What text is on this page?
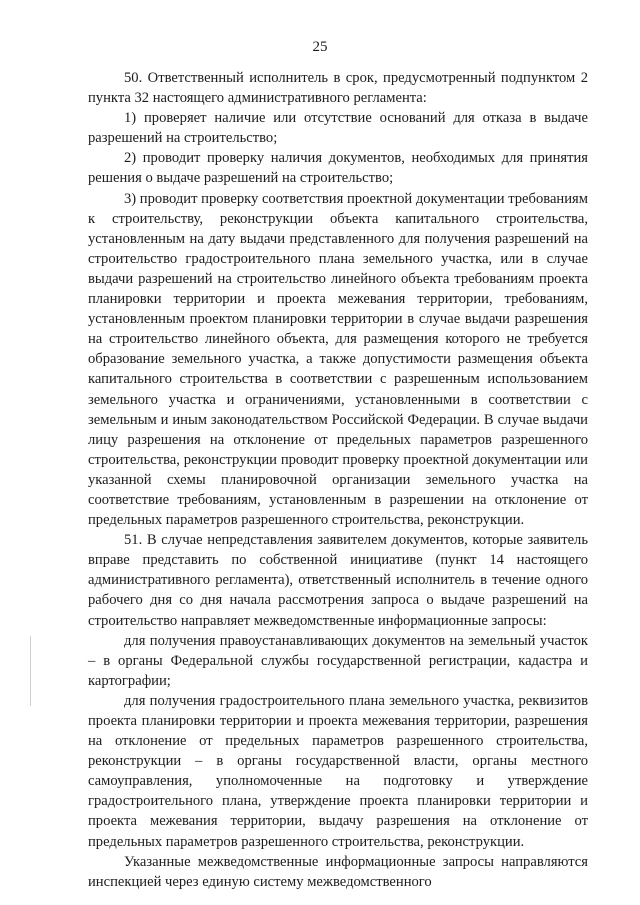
25

50. Ответственный исполнитель в срок, предусмотренный подпунктом 2 пункта 32 настоящего административного регламента:

1) проверяет наличие или отсутствие оснований для отказа в выдаче разрешений на строительство;

2) проводит проверку наличия документов, необходимых для принятия решения о выдаче разрешений на строительство;

3) проводит проверку соответствия проектной документации требованиям к строительству, реконструкции объекта капитального строительства, установленным на дату выдачи представленного для получения разрешений на строительство градостроительного плана земельного участка, или в случае выдачи разрешений на строительство линейного объекта требованиям проекта планировки территории и проекта межевания территории, требованиям, установленным проектом планировки территории в случае выдачи разрешения на строительство линейного объекта, для размещения которого не требуется образование земельного участка, а также допустимости размещения объекта капитального строительства в соответствии с разрешенным использованием земельного участка и ограничениями, установленными в соответствии с земельным и иным законодательством Российской Федерации. В случае выдачи лицу разрешения на отклонение от предельных параметров разрешенного строительства, реконструкции проводит проверку проектной документации или указанной схемы планировочной организации земельного участка на соответствие требованиям, установленным в разрешении на отклонение от предельных параметров разрешенного строительства, реконструкции.

51. В случае непредставления заявителем документов, которые заявитель вправе представить по собственной инициативе (пункт 14 настоящего административного регламента), ответственный исполнитель в течение одного рабочего дня со дня начала рассмотрения запроса о выдаче разрешений на строительство направляет межведомственные информационные запросы:

для получения правоустанавливающих документов на земельный участок – в органы Федеральной службы государственной регистрации, кадастра и картографии;

для получения градостроительного плана земельного участка, реквизитов проекта планировки территории и проекта межевания территории, разрешения на отклонение от предельных параметров разрешенного строительства, реконструкции – в органы государственной власти, органы местного самоуправления, уполномоченные на подготовку и утверждение градостроительного плана, утверждение проекта планировки территории и проекта межевания территории, выдачу разрешения на отклонение от предельных параметров разрешенного строительства, реконструкции.

Указанные межведомственные информационные запросы направляются инспекцией через единую систему межведомственного
